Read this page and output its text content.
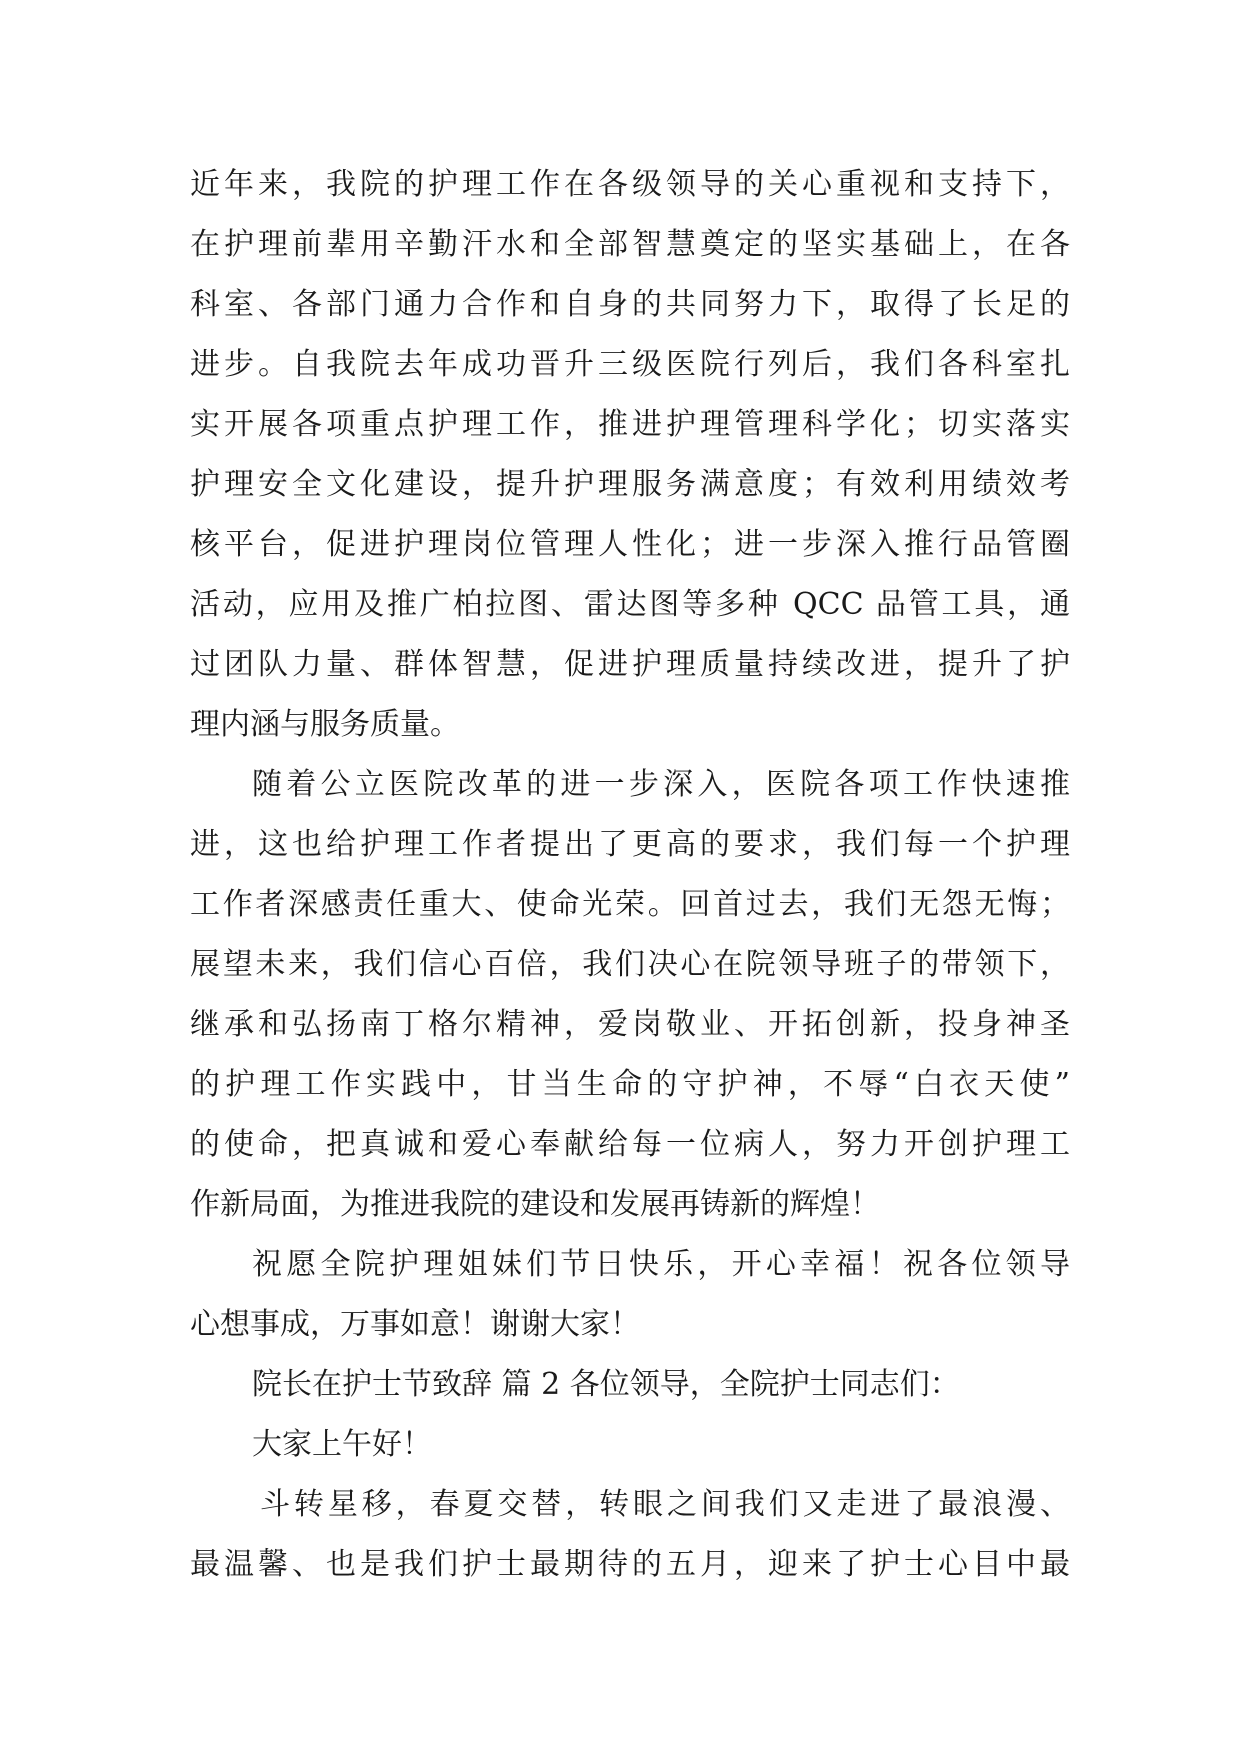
近年来，我院的护理工作在各级领导的关心重视和支持下，
在护理前辈用辛勤汗水和全部智慧奠定的坚实基础上，在各
科室、各部门通力合作和自身的共同努力下，取得了长足的
进步。自我院去年成功晋升三级医院行列后，我们各科室扎
实开展各项重点护理工作，推进护理管理科学化；切实落实
护理安全文化建设，提升护理服务满意度；有效利用绩效考
核平台，促进护理岗位管理人性化；进一步深入推行品管圈
活动，应用及推广柏拉图、雷达图等多种 QCC 品管工具，通
过团队力量、群体智慧，促进护理质量持续改进，提升了护
理内涵与服务质量。
随着公立医院改革的进一步深入，医院各项工作快速推
进，这也给护理工作者提出了更高的要求，我们每一个护理
工作者深感责任重大、使命光荣。回首过去，我们无怨无悔；
展望未来，我们信心百倍，我们决心在院领导班子的带领下，
继承和弘扬南丁格尔精神，爱岗敬业、开拓创新，投身神圣
的护理工作实践中，甘当生命的守护神，不辱“白衣天使”
的使命，把真诚和爱心奉献给每一位病人，努力开创护理工
作新局面，为推进我院的建设和发展再铸新的辉煌！
祝愿全院护理姐妹们节日快乐，开心幸福！祝各位领导
心想事成，万事如意！谢谢大家！
院长在护士节致辞 篇 2 各位领导，全院护士同志们：
大家上午好！
斗转星移，春夏交替，转眼之间我们又走进了最浪漫、
最温馨、也是我们护士最期待的五月，迎来了护士心目中最
